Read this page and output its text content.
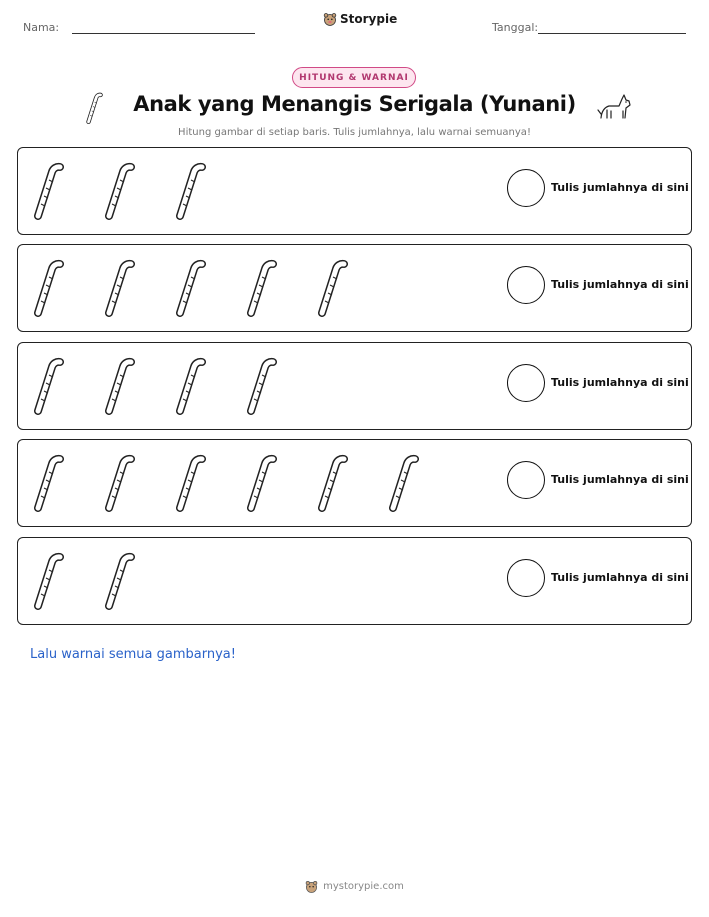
Nama:
Storypie
Tanggal:
HITUNG & WARNAI
Anak yang Menangis Serigala (Yunani)
Hitung gambar di setiap baris. Tulis jumlahnya, lalu warnai semuanya!
Tulis jumlahnya di sini
Tulis jumlahnya di sini
Tulis jumlahnya di sini
Tulis jumlahnya di sini
Tulis jumlahnya di sini
Lalu warnai semua gambarnya!
mystorypie.com
